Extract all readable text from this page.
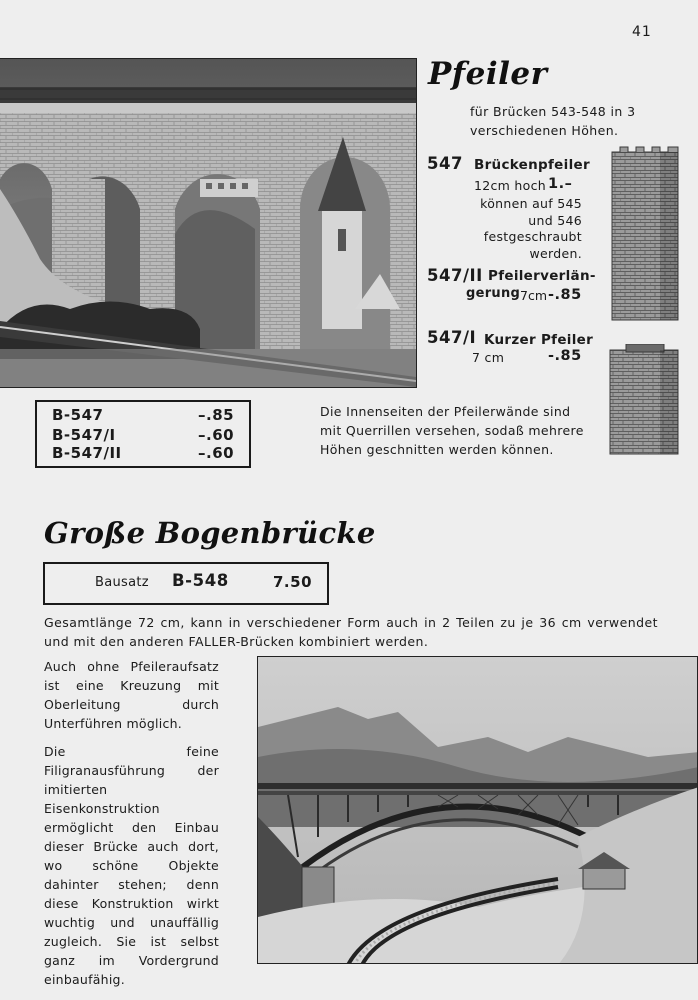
41
Pfeiler
für Brücken 543-548 in 3 verschiedenen Höhen.
547 Brückenpfeiler
12cm hoch 1.–
können auf 545 und 546 festgeschraubt werden.
547/II Pfeilerverlän-
gerung 7cm -.85
547/I Kurzer Pfeiler
7 cm	-.85
Die Innenseiten der Pfeilerwände sind mit Querrillen versehen, sodaß mehrere Höhen geschnitten werden können.
B-547	–.85
B-547/I	–.60
B-547/II	–.60
Große Bogenbrücke
Bausatz B-548	7.50
Gesamtlänge 72 cm, kann in verschiedener Form auch in 2 Teilen zu je 36 cm verwendet und mit den anderen FALLER-Brücken kombiniert werden.
Auch ohne Pfeileraufsatz ist eine Kreuzung mit Oberleitung durch Unterführen möglich.
Die feine Filigranausführung der imitierten Eisenkonstruktion ermöglicht den Einbau dieser Brücke auch dort, wo schöne Objekte dahinter stehen; denn diese Konstruktion wirkt wuchtig und unauffällig zugleich. Sie ist selbst ganz im Vordergrund einbaufähig.
